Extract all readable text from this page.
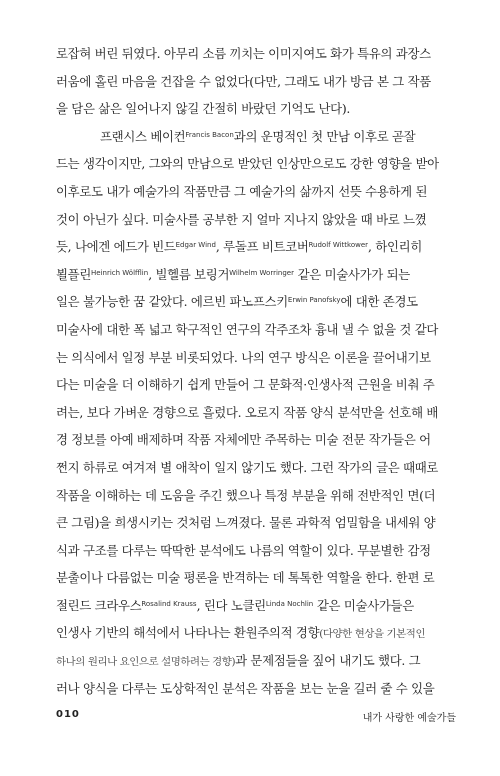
로잡혀 버린 뒤였다. 아무리 소름 끼치는 이미지여도 화가 특유의 과장스
러움에 홀린 마음을 건잡을 수 없었다(다만, 그래도 내가 방금 본 그 작품
을 담은 삶은 일어나지 않길 간절히 바랐던 기억도 난다).
프랜시스 베이컨$^{Francis Bacon}$과의 운명적인 첫 만남 이후로 곧잘
드는 생각이지만, 그와의 만남으로 받았던 인상만으로도 강한 영향을 받아
이후로도 내가 예술가의 작품만큼 그 예술가의 삶까지 선뜻 수용하게 된
것이 아닌가 싶다. 미술사를 공부한 지 얼마 지나지 않았을 때 바로 느꼈
듯, 나에겐 에드가 빈드$^{Edgar Wind}$, 루돌프 비트코버$^{Rudolf Wittkower}$, 하인리히
뵐플린$^{Heinrich Wölfflin}$, 빌헬름 보링거$^{Wilhelm Worringer}$ 같은 미술사가가 되는
일은 불가능한 꿈 같았다. 에르빈 파노프스키$^{Erwin Panofsky}$에 대한 존경도
미술사에 대한 폭 넓고 학구적인 연구의 각주조차 흉내 낼 수 없을 것 같다
는 의식에서 일정 부분 비롯되었다. 나의 연구 방식은 이론을 끌어내기보
다는 미술을 더 이해하기 쉽게 만들어 그 문화적·인생사적 근원을 비춰 주
려는, 보다 가벼운 경향으로 흘렀다. 오로지 작품 양식 분석만을 선호해 배
경 정보를 아예 배제하며 작품 자체에만 주목하는 미술 전문 작가들은 어
쩐지 하류로 여겨져 별 애착이 일지 않기도 했다. 그런 작가의 글은 때때로
작품을 이해하는 데 도움을 주긴 했으나 특정 부분을 위해 전반적인 면(더
큰 그림)을 희생시키는 것처럼 느껴졌다. 물론 과학적 엄밀함을 내세워 양
식과 구조를 다루는 딱딱한 분석에도 나름의 역할이 있다. 무분별한 감정
분출이나 다름없는 미술 평론을 반격하는 데 톡톡한 역할을 한다. 한편 로
절린드 크라우스$^{Rosalind Krauss}$, 린다 노클린$^{Linda Nochlin}$ 같은 미술사가들은
인생사 기반의 해석에서 나타나는 환원주의적 경향(다양한 현상을 기본적인
하나의 원리나 요인으로 설명하려는 경향)과 문제점들을 짚어 내기도 했다. 그
러나 양식을 다루는 도상학적인 분석은 작품을 보는 눈을 길러 줄 수 있을
010	내가 사랑한 예술가들
